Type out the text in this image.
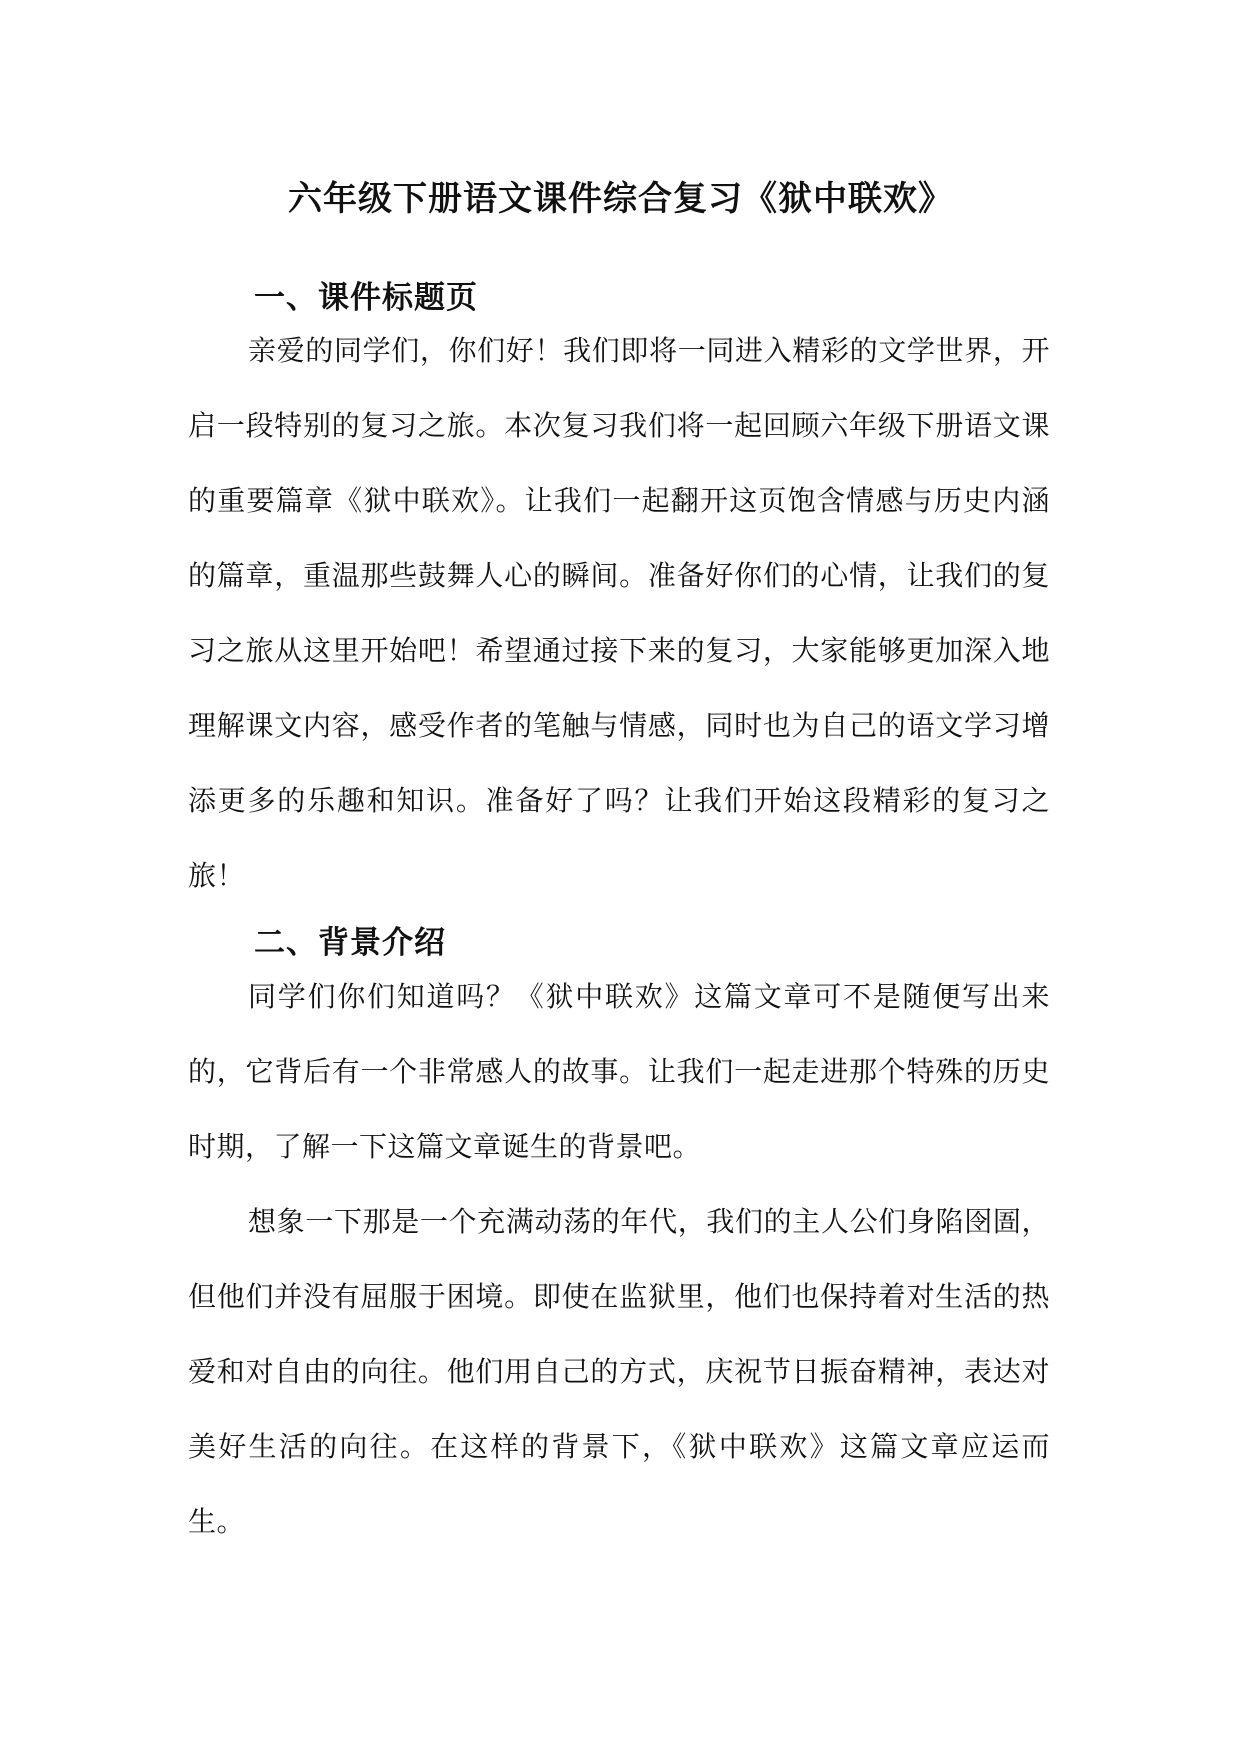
六年级下册语文课件综合复习《狱中联欢》
一、课件标题页

亲爱的同学们，你们好！我们即将一同进入精彩的文学世界，开启一段特别的复习之旅。本次复习我们将一起回顾六年级下册语文课的重要篇章《狱中联欢》。让我们一起翻开这页饱含情感与历史内涵的篇章，重温那些鼓舞人心的瞬间。准备好你们的心情，让我们的复习之旅从这里开始吧！希望通过接下来的复习，大家能够更加深入地理解课文内容，感受作者的笔触与情感，同时也为自己的语文学习增添更多的乐趣和知识。准备好了吗？让我们开始这段精彩的复习之旅！

二、背景介绍

同学们你们知道吗？《狱中联欢》这篇文章可不是随便写出来的，它背后有一个非常感人的故事。让我们一起走进那个特殊的历史时期，了解一下这篇文章诞生的背景吧。

想象一下那是一个充满动荡的年代，我们的主人公们身陷囹圄，但他们并没有屈服于困境。即使在监狱里，他们也保持着对生活的热爱和对自由的向往。他们用自己的方式，庆祝节日振奋精神，表达对美好生活的向往。在这样的背景下，《狱中联欢》这篇文章应运而生。
